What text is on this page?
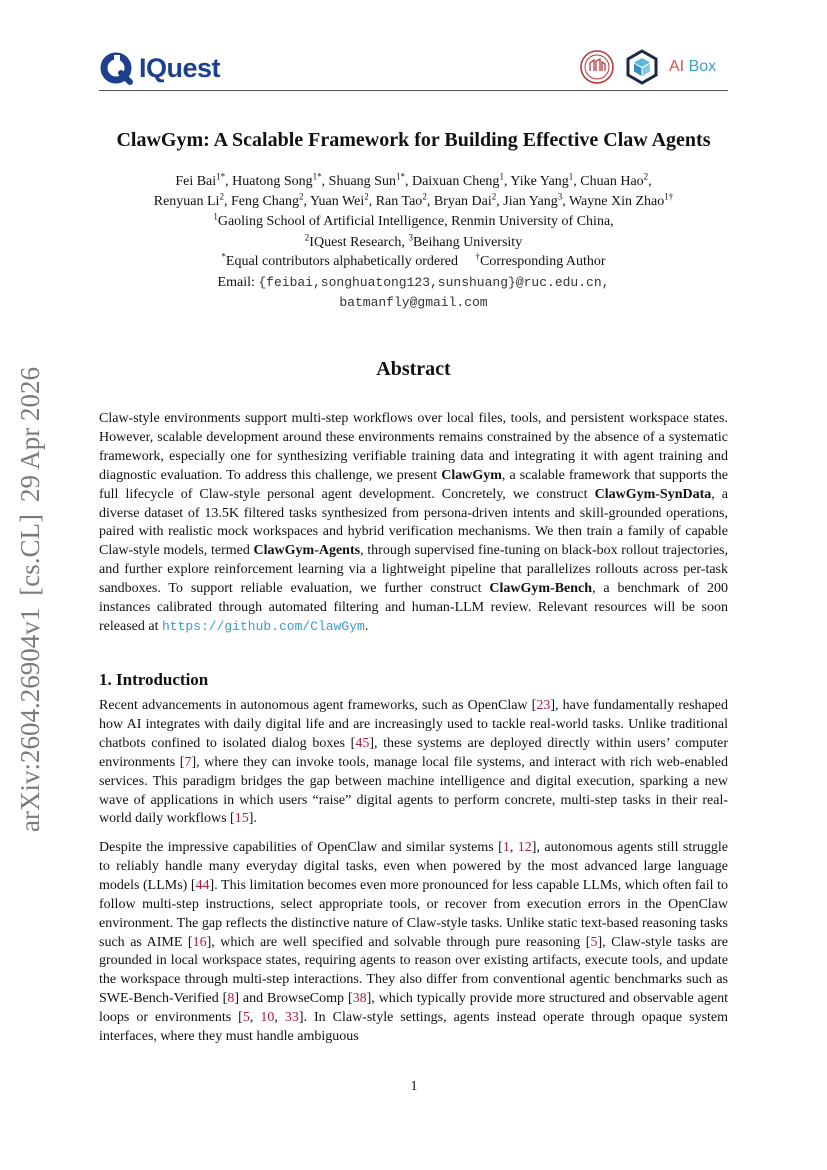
IQuest	AI Box
arXiv:2604.26904v1[cs.CL]29 Apr 2026
ClawGym: A Scalable Framework for Building Effective Claw Agents
Fei Bai$^{1*}$, Huatong Song$^{1*}$, Shuang Sun$^{1*}$, Daixuan Cheng$^1$, Yike Yang$^1$, Chuan Hao$^2$,
Renyuan Li$^2$, Feng Chang$^2$, Yuan Wei$^2$, Ran Tao$^2$, Bryan Dai$^2$, Jian Yang$^3$, Wayne Xin Zhao$^{1\dagger}$
$^1$Gaoling School of Artificial Intelligence, Renmin University of China,
$^2$IQuest Research, $^3$Beihang University
*Equal contributors alphabetically ordered †Corresponding Author
Email: {feibai,songhuatong123,sunshuang}@ruc.edu.cn,
batmanfly@gmail.com
Abstract
Claw-style environments support multi-step workflows over local files, tools, and persistent workspace states. However, scalable development around these environments remains constrained by the absence of a systematic framework, especially one for synthesizing verifiable training data and integrating it with agent training and diagnostic evaluation. To address this challenge, we present ClawGym, a scalable framework that supports the full lifecycle of Claw-style personal agent development. Concretely, we construct ClawGym-SynData, a diverse dataset of 13.5K filtered tasks synthesized from persona-driven intents and skill-grounded operations, paired with realistic mock workspaces and hybrid verification mechanisms. We then train a family of capable Claw-style models, termed ClawGym-Agents, through supervised fine-tuning on black-box rollout trajectories, and further explore reinforcement learning via a lightweight pipeline that parallelizes rollouts across per-task sandboxes. To support reliable evaluation, we further construct ClawGym-Bench, a benchmark of 200 instances calibrated through automated filtering and human-LLM review. Relevant resources will be soon released at https://github.com/ClawGym.
1. Introduction
Recent advancements in autonomous agent frameworks, such as OpenClaw [23], have fundamentally reshaped how AI integrates with daily digital life and are increasingly used to tackle real-world tasks. Unlike traditional chatbots confined to isolated dialog boxes [45], these systems are deployed directly within users’ computer environments [7], where they can invoke tools, manage local file systems, and interact with rich web-enabled services. This paradigm bridges the gap between machine intelligence and digital execution, sparking a new wave of applications in which users “raise” digital agents to perform concrete, multi-step tasks in their real-world daily workflows [15].
Despite the impressive capabilities of OpenClaw and similar systems [1, 12], autonomous agents still struggle to reliably handle many everyday digital tasks, even when powered by the most advanced large language models (LLMs) [44]. This limitation becomes even more pronounced for less capable LLMs, which often fail to follow multi-step instructions, select appropriate tools, or recover from execution errors in the OpenClaw environment. The gap reflects the distinctive nature of Claw-style tasks. Unlike static text-based reasoning tasks such as AIME [16], which are well specified and solvable through pure reasoning [5], Claw-style tasks are grounded in local workspace states, requiring agents to reason over existing artifacts, execute tools, and update the workspace through multi-step interactions. They also differ from conventional agentic benchmarks such as SWE-Bench-Verified [8] and BrowseComp [38], which typically provide more structured and observable agent loops or environments [5, 10, 33]. In Claw-style settings, agents instead operate through opaque system interfaces, where they must handle ambiguous
1
